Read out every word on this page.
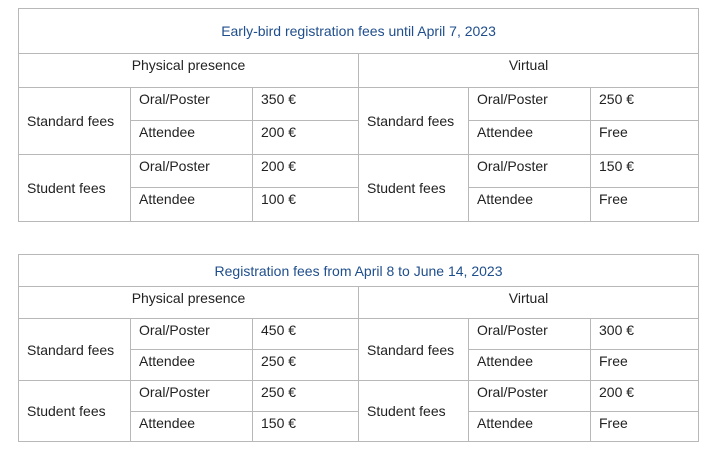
Early-bird registration fees until April 7, 2023					
Physical presence			Virtual		
Standard fees	Oral/Poster	350 €	Standard fees	Oral/Poster	250 €
	Attendee	200 €		Attendee	Free
Student fees	Oral/Poster	200 €	Student fees	Oral/Poster	150 €
	Attendee	100 €		Attendee	Free
Registration fees from April 8 to June 14, 2023					
Physical presence			Virtual		
Standard fees	Oral/Poster	450 €	Standard fees	Oral/Poster	300 €
	Attendee	250 €		Attendee	Free
Student fees	Oral/Poster	250 €	Student fees	Oral/Poster	200 €
	Attendee	150 €		Attendee	Free
